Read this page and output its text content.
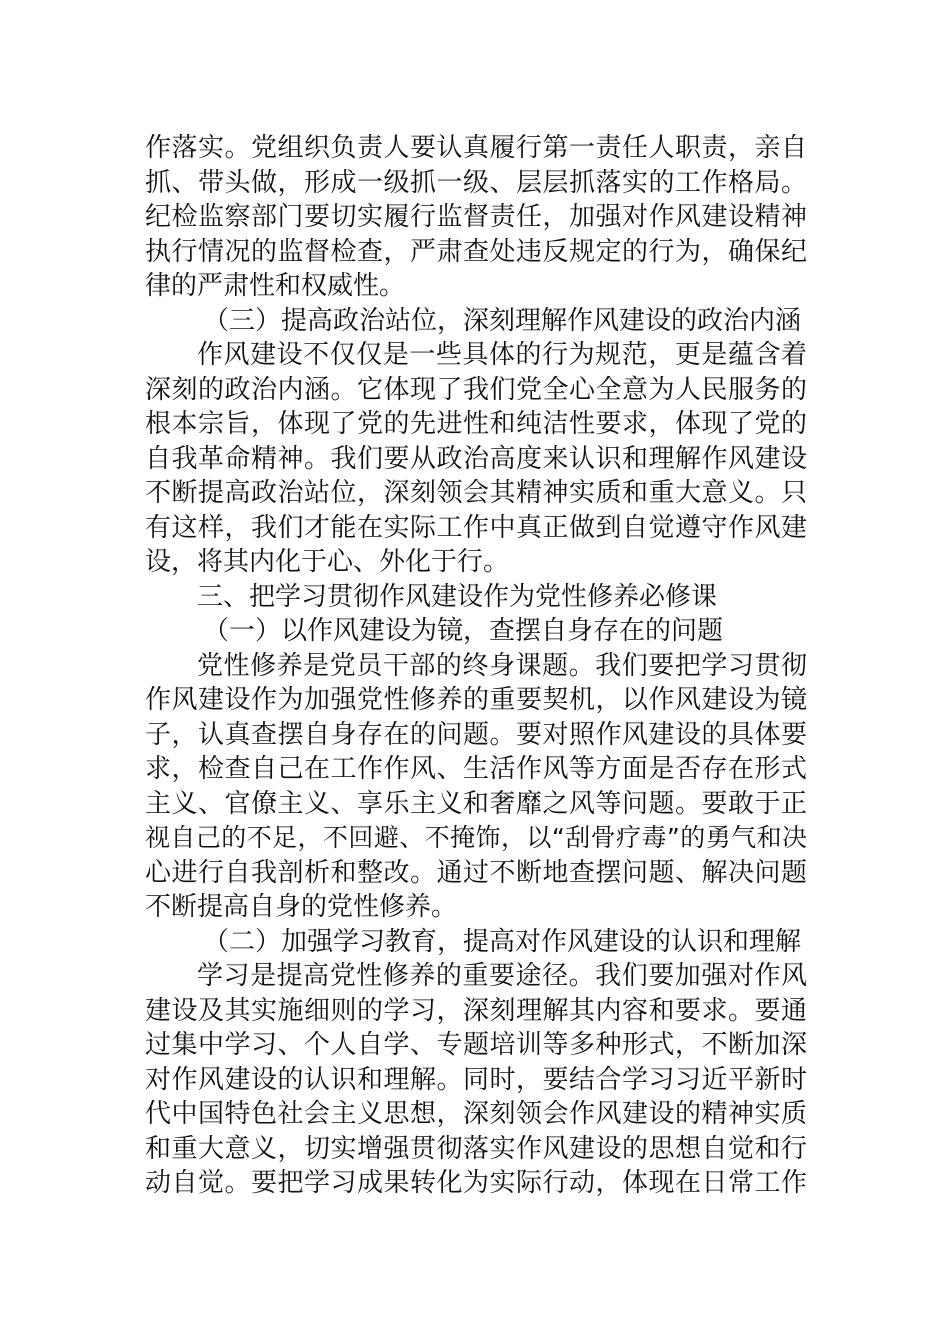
作落实。党组织负责人要认真履行第一责任人职责，亲自
抓、带头做，形成一级抓一级、层层抓落实的工作格局。
纪检监察部门要切实履行监督责任，加强对作风建设精神
执行情况的监督检查，严肃查处违反规定的行为，确保纪
律的严肃性和权威性。
（三）提高政治站位，深刻理解作风建设的政治内涵
作风建设不仅仅是一些具体的行为规范，更是蕴含着
深刻的政治内涵。它体现了我们党全心全意为人民服务的
根本宗旨，体现了党的先进性和纯洁性要求，体现了党的
自我革命精神。我们要从政治高度来认识和理解作风建设
不断提高政治站位，深刻领会其精神实质和重大意义。只
有这样，我们才能在实际工作中真正做到自觉遵守作风建
设，将其内化于心、外化于行。
三、把学习贯彻作风建设作为党性修养必修课
（一）以作风建设为镜，查摆自身存在的问题
党性修养是党员干部的终身课题。我们要把学习贯彻
作风建设作为加强党性修养的重要契机，以作风建设为镜
子，认真查摆自身存在的问题。要对照作风建设的具体要
求，检查自己在工作作风、生活作风等方面是否存在形式
主义、官僚主义、享乐主义和奢靡之风等问题。要敢于正
视自己的不足，不回避、不掩饰，以“刮骨疗毒”的勇气和决
心进行自我剖析和整改。通过不断地查摆问题、解决问题
不断提高自身的党性修养。
（二）加强学习教育，提高对作风建设的认识和理解
学习是提高党性修养的重要途径。我们要加强对作风
建设及其实施细则的学习，深刻理解其内容和要求。要通
过集中学习、个人自学、专题培训等多种形式，不断加深
对作风建设的认识和理解。同时，要结合学习习近平新时
代中国特色社会主义思想，深刻领会作风建设的精神实质
和重大意义，切实增强贯彻落实作风建设的思想自觉和行
动自觉。要把学习成果转化为实际行动，体现在日常工作
